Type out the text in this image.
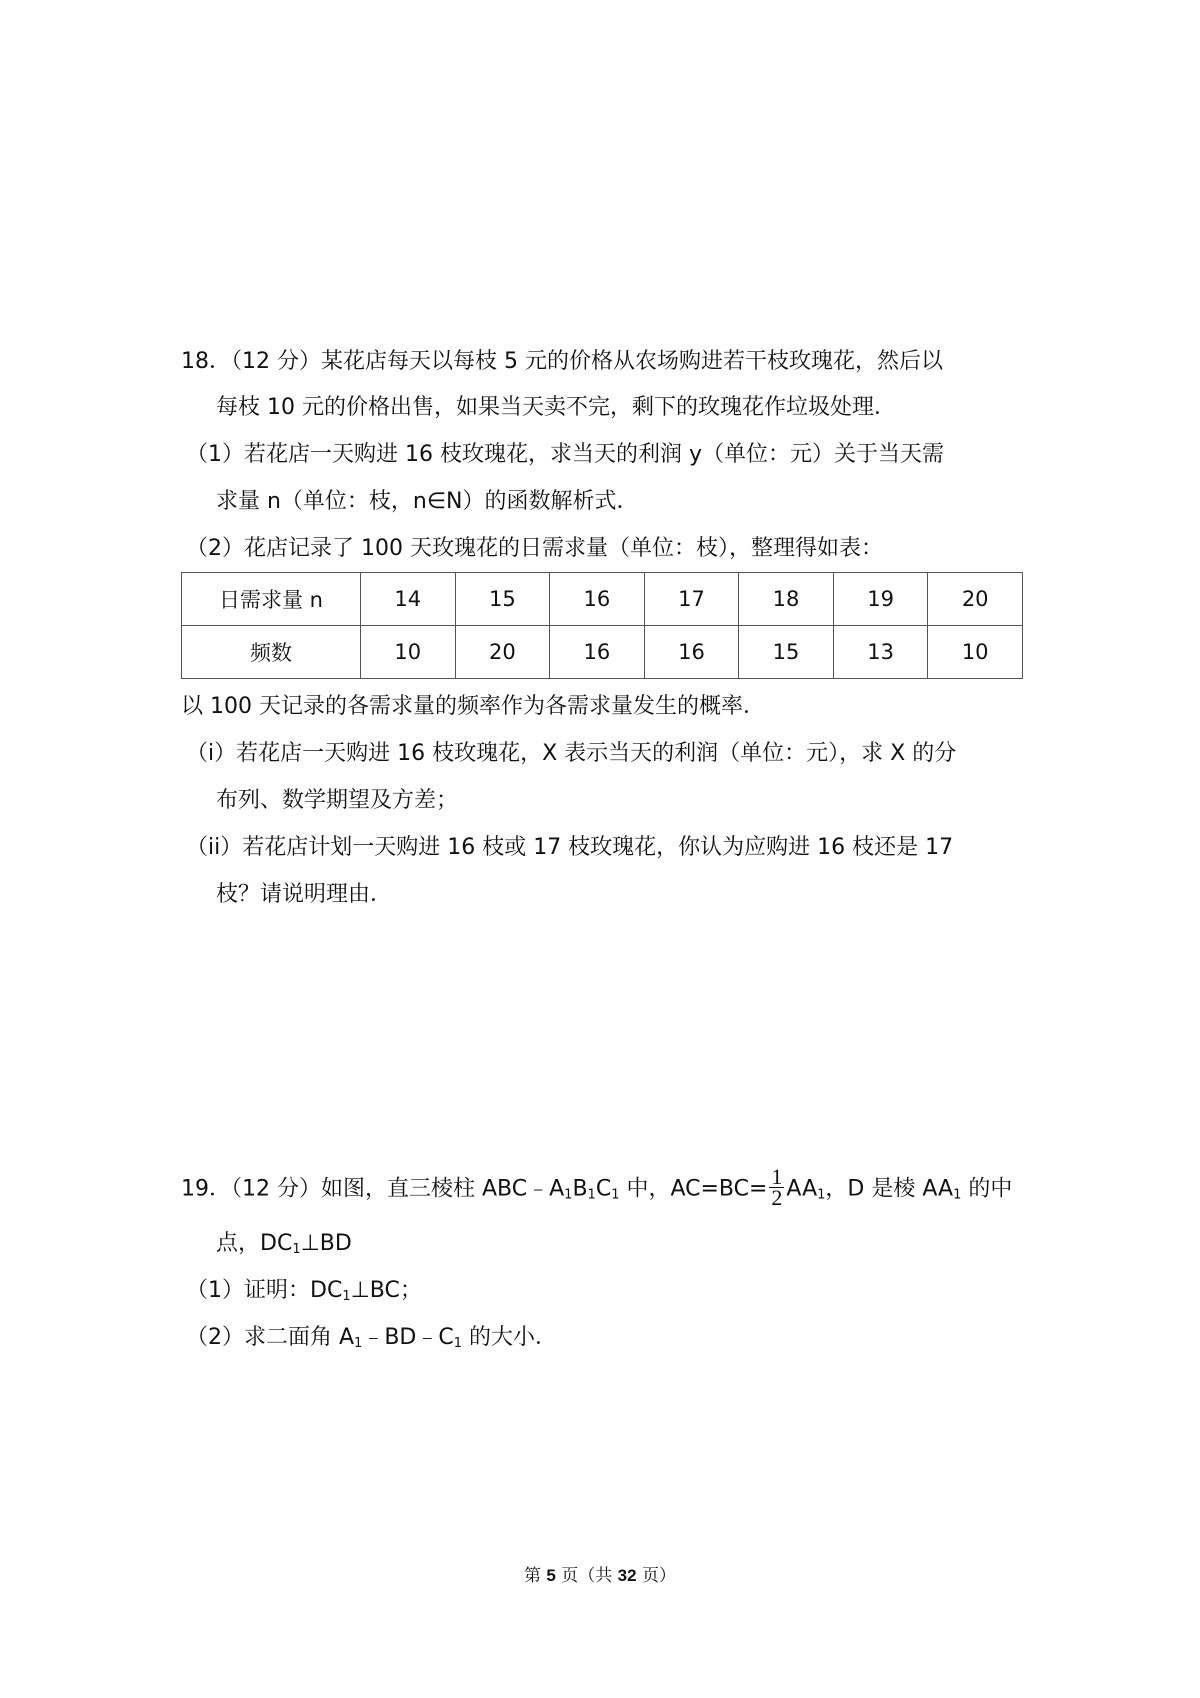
18．（12 分）某花店每天以每枝 5 元的价格从农场购进若干枝玫瑰花，然后以
每枝 10 元的价格出售，如果当天卖不完，剩下的玫瑰花作垃圾处理．
（1）若花店一天购进 16 枝玫瑰花，求当天的利润 y（单位：元）关于当天需
求量 n（单位：枝，n∈N）的函数解析式．
（2）花店记录了 100 天玫瑰花的日需求量（单位：枝），整理得如表：
日需求量 n	14	15	16	17	18	19	20
频数	10	20	16	16	15	13	10
以 100 天记录的各需求量的频率作为各需求量发生的概率．
（i）若花店一天购进 16 枝玫瑰花，X 表示当天的利润（单位：元），求 X 的分
布列、数学期望及方差；
（ii）若花店计划一天购进 16 枝或 17 枝玫瑰花，你认为应购进 16 枝还是 17
枝？请说明理由．
19．（12 分）如图，直三棱柱 $ABC﹣A_1B_1C_1$ 中，$AC=BC= \frac{1}{2} AA_1$，D 是棱 $AA_1$ 的中
点，$DC_1\perp BD$
（1）证明：$DC_1\perp BC$；
（2）求二面角 $A_1﹣BD﹣C_1$ 的大小．
第 5 页（共 32 页）
